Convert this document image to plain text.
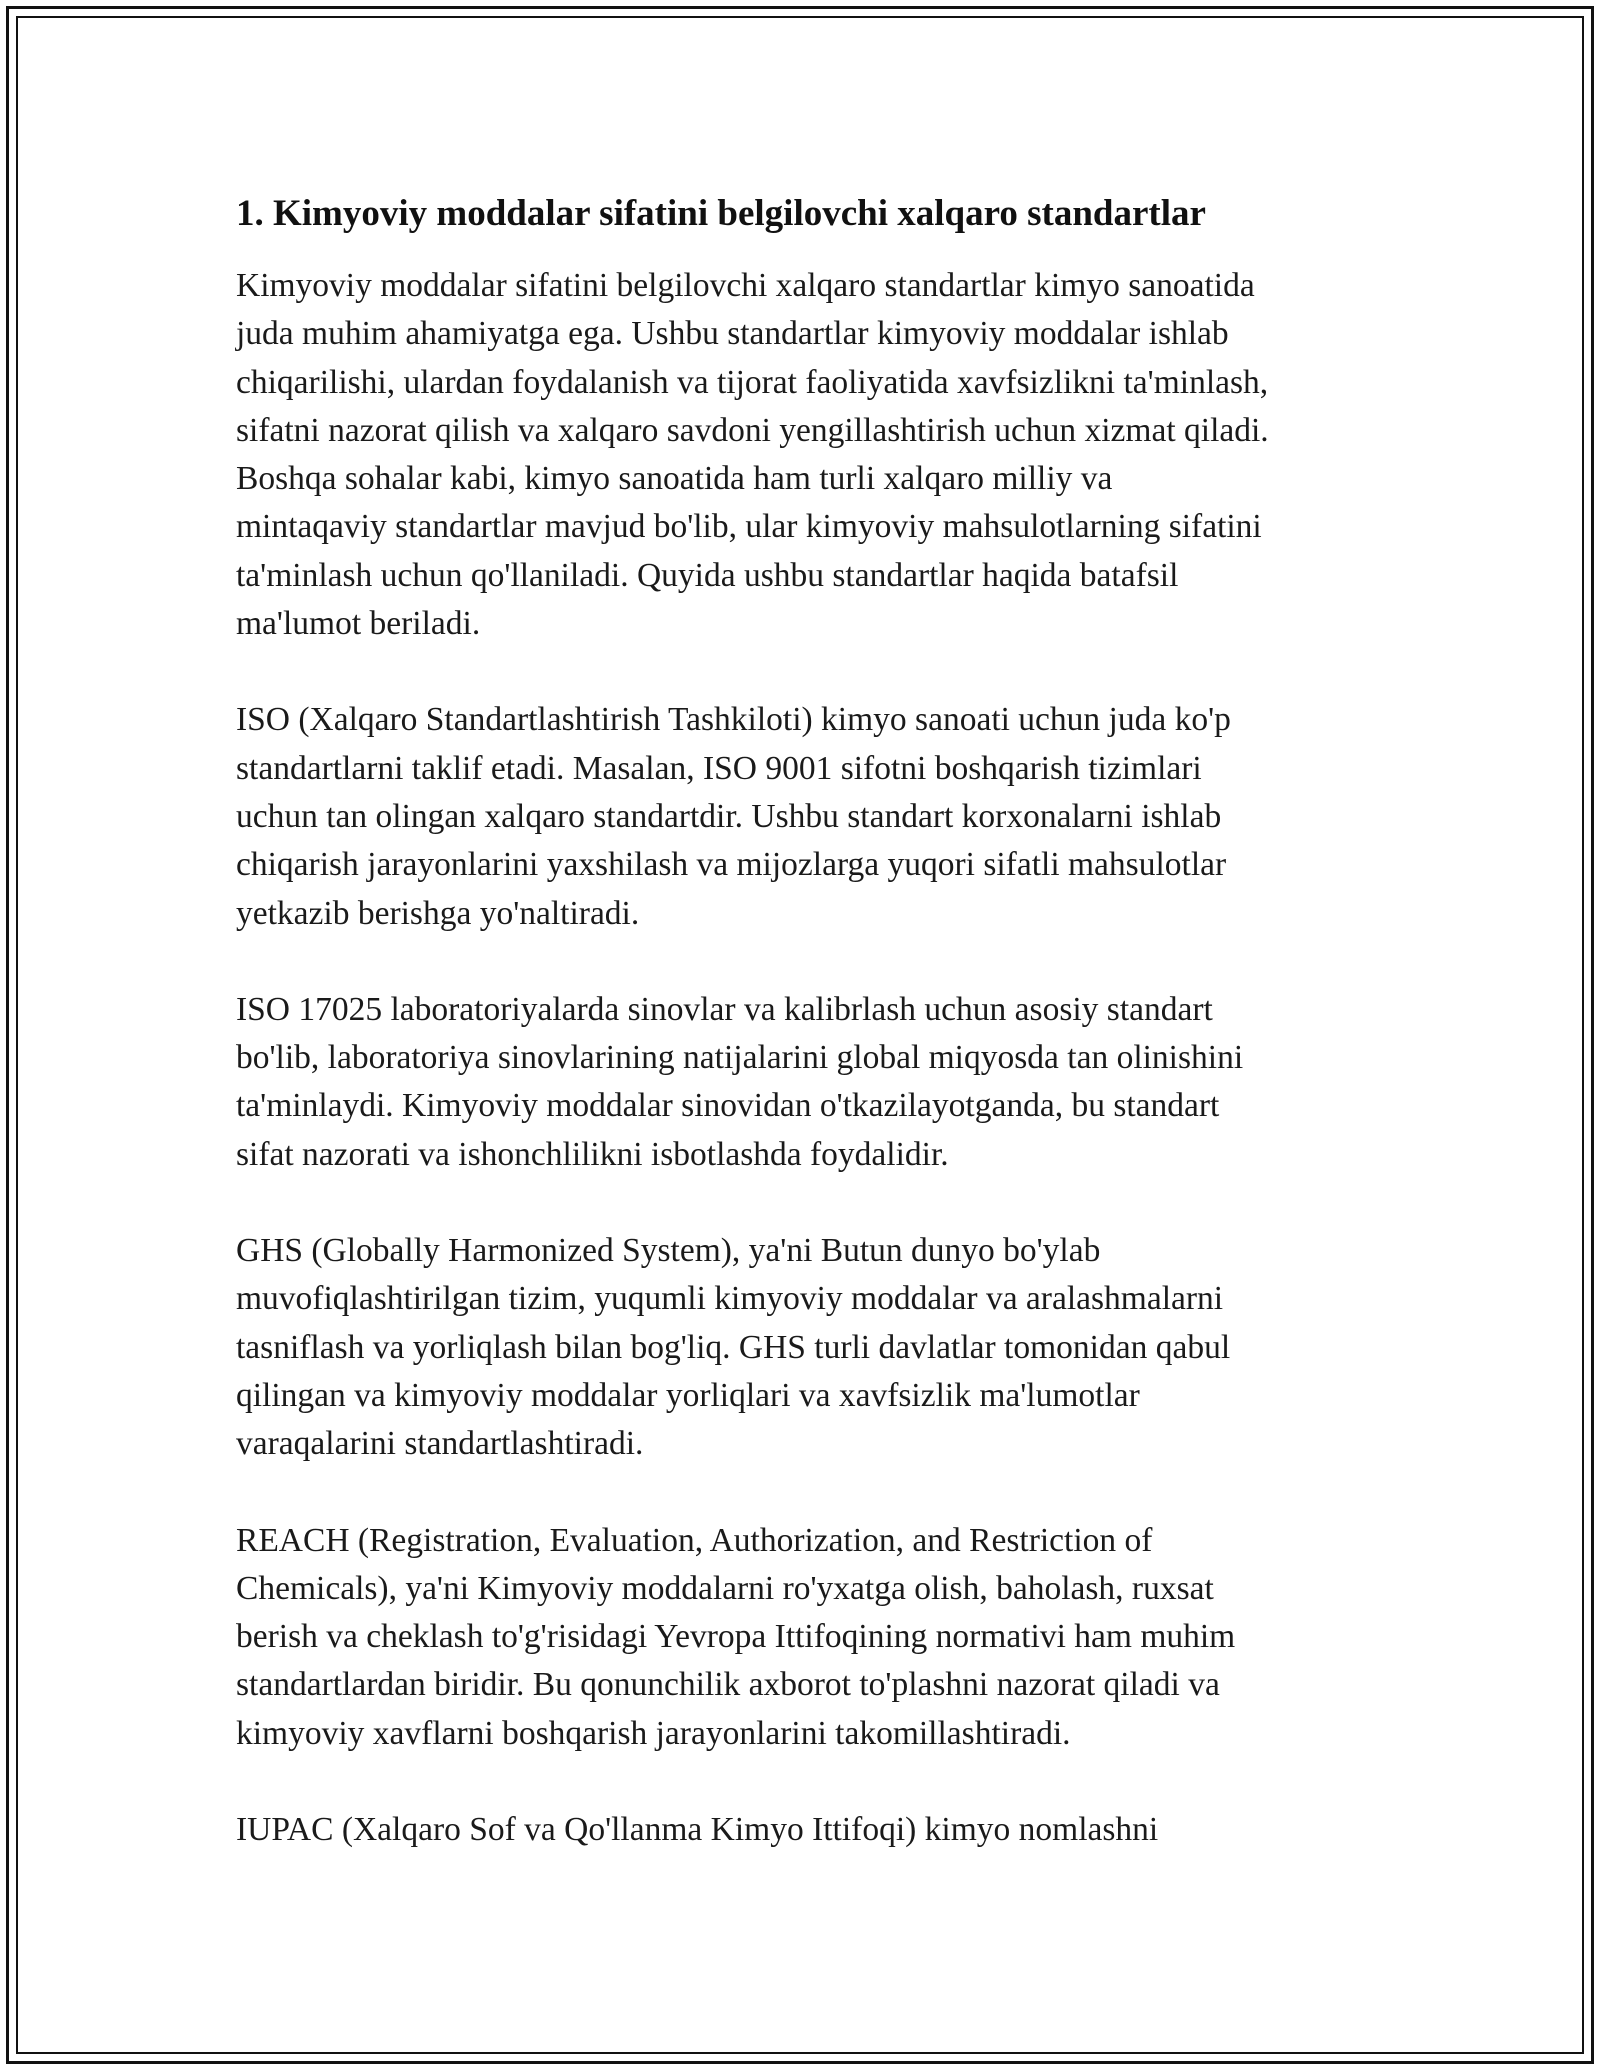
1. Kimyoviy moddalar sifatini belgilovchi xalqaro standartlar

Kimyoviy moddalar sifatini belgilovchi xalqaro standartlar kimyo sanoatida
juda muhim ahamiyatga ega. Ushbu standartlar kimyoviy moddalar ishlab
chiqarilishi, ulardan foydalanish va tijorat faoliyatida xavfsizlikni ta'minlash,
sifatni nazorat qilish va xalqaro savdoni yengillashtirish uchun xizmat qiladi.
Boshqa sohalar kabi, kimyo sanoatida ham turli xalqaro milliy va
mintaqaviy standartlar mavjud bo'lib, ular kimyoviy mahsulotlarning sifatini
ta'minlash uchun qo'llaniladi. Quyida ushbu standartlar haqida batafsil
ma'lumot beriladi.

ISO (Xalqaro Standartlashtirish Tashkiloti) kimyo sanoati uchun juda ko'p
standartlarni taklif etadi. Masalan, ISO 9001 sifotni boshqarish tizimlari
uchun tan olingan xalqaro standartdir. Ushbu standart korxonalarni ishlab
chiqarish jarayonlarini yaxshilash va mijozlarga yuqori sifatli mahsulotlar
yetkazib berishga yo'naltiradi.

ISO 17025 laboratoriyalarda sinovlar va kalibrlash uchun asosiy standart
bo'lib, laboratoriya sinovlarining natijalarini global miqyosda tan olinishini
ta'minlaydi. Kimyoviy moddalar sinovidan o'tkazilayotganda, bu standart
sifat nazorati va ishonchlilikni isbotlashda foydalidir.

GHS (Globally Harmonized System), ya'ni Butun dunyo bo'ylab
muvofiqlashtirilgan tizim, yuqumli kimyoviy moddalar va aralashmalarni
tasniflash va yorliqlash bilan bog'liq. GHS turli davlatlar tomonidan qabul
qilingan va kimyoviy moddalar yorliqlari va xavfsizlik ma'lumotlar
varaqalarini standartlashtiradi.

REACH (Registration, Evaluation, Authorization, and Restriction of
Chemicals), ya'ni Kimyoviy moddalarni ro'yxatga olish, baholash, ruxsat
berish va cheklash to'g'risidagi Yevropa Ittifoqining normativi ham muhim
standartlardan biridir. Bu qonunchilik axborot to'plashni nazorat qiladi va
kimyoviy xavflarni boshqarish jarayonlarini takomillashtiradi.

IUPAC (Xalqaro Sof va Qo'llanma Kimyo Ittifoqi) kimyo nomlashni
